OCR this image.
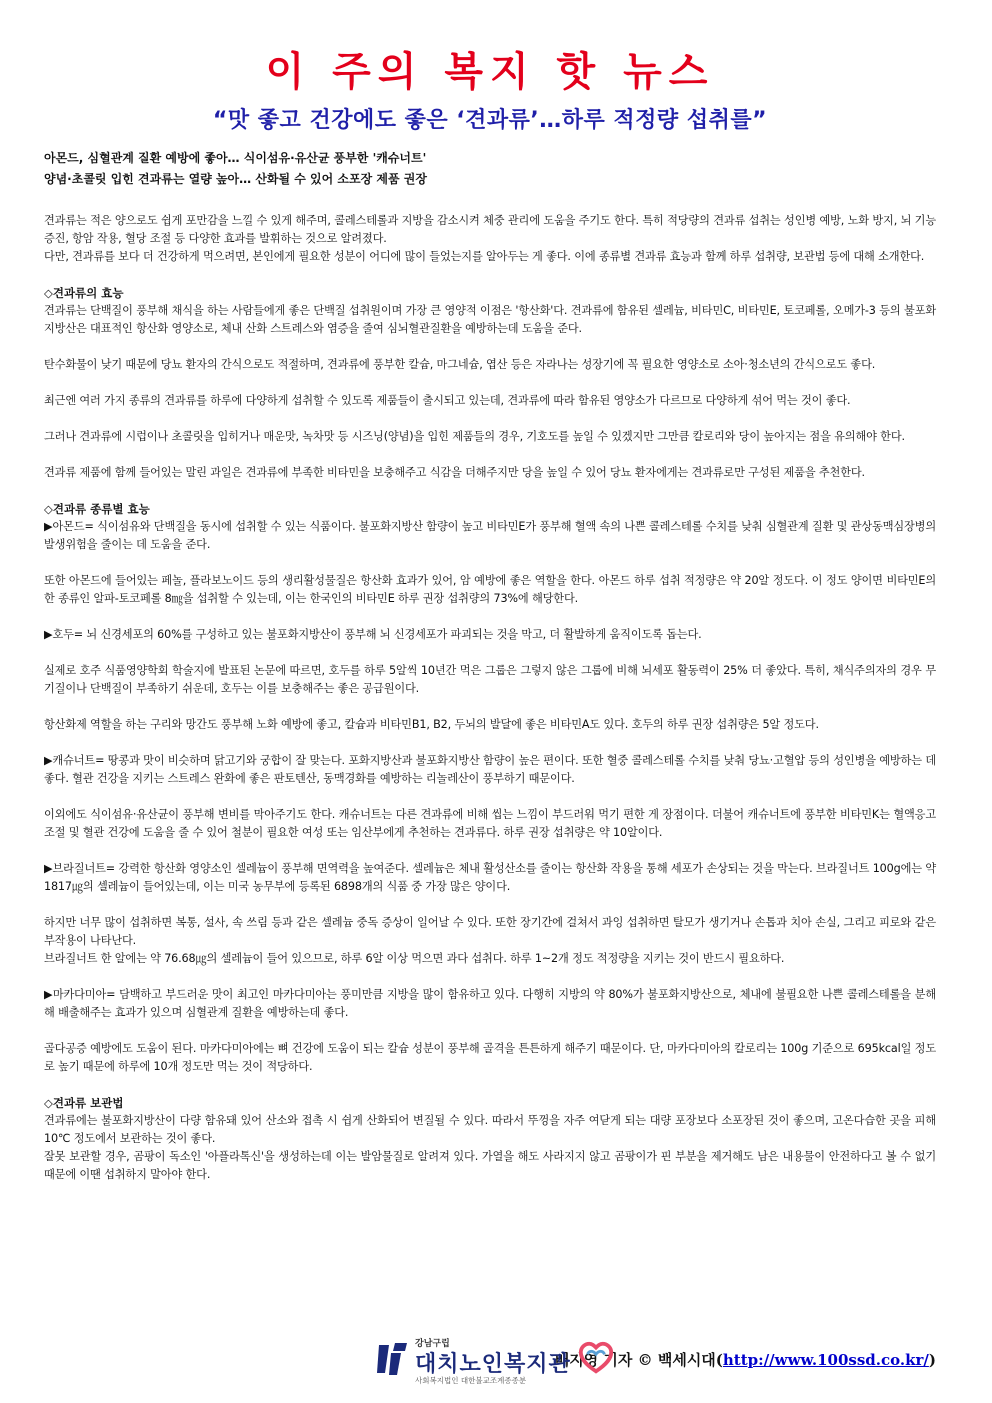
이 주의 복지 핫 뉴스
“맛 좋고 건강에도 좋은 ‘견과류’…하루 적정량 섭취를”
아몬드, 심혈관계 질환 예방에 좋아… 식이섬유·유산균 풍부한 '캐슈너트'
양념·초콜릿 입힌 견과류는 열량 높아… 산화될 수 있어 소포장 제품 권장

견과류는 적은 양으로도 쉽게 포만감을 느낄 수 있게 해주며, 콜레스테롤과 지방을 감소시켜 체중 관리에 도움을 주기도 한다. 특히 적당량의 견과류 섭취는 성인병 예방, 노화 방지, 뇌 기능 증진, 항암 작용, 혈당 조절 등 다양한 효과를 발휘하는 것으로 알려졌다.

다만, 견과류를 보다 더 건강하게 먹으려면, 본인에게 필요한 성분이 어디에 많이 들었는지를 알아두는 게 좋다. 이에 종류별 견과류 효능과 함께 하루 섭취량, 보관법 등에 대해 소개한다.

◇견과류의 효능

견과류는 단백질이 풍부해 채식을 하는 사람들에게 좋은 단백질 섭취원이며 가장 큰 영양적 이점은 '항산화'다. 견과류에 함유된 셀레늄, 비타민C, 비타민E, 토코페롤, 오메가-3 등의 불포화지방산은 대표적인 항산화 영양소로, 체내 산화 스트레스와 염증을 줄여 심뇌혈관질환을 예방하는데 도움을 준다.

탄수화물이 낮기 때문에 당뇨 환자의 간식으로도 적절하며, 견과류에 풍부한 칼슘, 마그네슘, 엽산 등은 자라나는 성장기에 꼭 필요한 영양소로 소아·청소년의 간식으로도 좋다.

최근엔 여러 가지 종류의 견과류를 하루에 다양하게 섭취할 수 있도록 제품들이 출시되고 있는데, 견과류에 따라 함유된 영양소가 다르므로 다양하게 섞어 먹는 것이 좋다.

그러나 견과류에 시럽이나 초콜릿을 입히거나 매운맛, 녹차맛 등 시즈닝(양념)을 입힌 제품들의 경우, 기호도를 높일 수 있겠지만 그만큼 칼로리와 당이 높아지는 점을 유의해야 한다.

견과류 제품에 함께 들어있는 말린 과일은 견과류에 부족한 비타민을 보충해주고 식감을 더해주지만 당을 높일 수 있어 당뇨 환자에게는 견과류로만 구성된 제품을 추천한다.

◇견과류 종류별 효능

▶아몬드= 식이섬유와 단백질을 동시에 섭취할 수 있는 식품이다. 불포화지방산 함량이 높고 비타민E가 풍부해 혈액 속의 나쁜 콜레스테롤 수치를 낮춰 심혈관계 질환 및 관상동맥심장병의 발생위험을 줄이는 데 도움을 준다.

또한 아몬드에 들어있는 페놀, 플라보노이드 등의 생리활성물질은 항산화 효과가 있어, 암 예방에 좋은 역할을 한다. 아몬드 하루 섭취 적정량은 약 20알 정도다. 이 정도 양이면 비타민E의 한 종류인 알파-토코페롤 8㎎을 섭취할 수 있는데, 이는 한국인의 비타민E 하루 권장 섭취량의 73%에 해당한다.

▶호두= 뇌 신경세포의 60%를 구성하고 있는 불포화지방산이 풍부해 뇌 신경세포가 파괴되는 것을 막고, 더 활발하게 움직이도록 돕는다.

실제로 호주 식품영양학회 학술지에 발표된 논문에 따르면, 호두를 하루 5알씩 10년간 먹은 그룹은 그렇지 않은 그룹에 비해 뇌세포 활동력이 25% 더 좋았다. 특히, 채식주의자의 경우 무기질이나 단백질이 부족하기 쉬운데, 호두는 이를 보충해주는 좋은 공급원이다.

항산화제 역할을 하는 구리와 망간도 풍부해 노화 예방에 좋고, 칼슘과 비타민B1, B2, 두뇌의 발달에 좋은 비타민A도 있다. 호두의 하루 권장 섭취량은 5알 정도다.

▶캐슈너트= 땅콩과 맛이 비슷하며 닭고기와 궁합이 잘 맞는다. 포화지방산과 불포화지방산 함량이 높은 편이다. 또한 혈중 콜레스테롤 수치를 낮춰 당뇨·고혈압 등의 성인병을 예방하는 데 좋다. 혈관 건강을 지키는 스트레스 완화에 좋은 판토텐산, 동맥경화를 예방하는 리놀레산이 풍부하기 때문이다.

이외에도 식이섬유·유산균이 풍부해 변비를 막아주기도 한다. 캐슈너트는 다른 견과류에 비해 씹는 느낌이 부드러워 먹기 편한 게 장점이다. 더불어 캐슈너트에 풍부한 비타민K는 혈액응고조절 및 혈관 건강에 도움을 줄 수 있어 철분이 필요한 여성 또는 임산부에게 추천하는 견과류다. 하루 권장 섭취량은 약 10알이다.

▶브라질너트= 강력한 항산화 영양소인 셀레늄이 풍부해 면역력을 높여준다. 셀레늄은 체내 활성산소를 줄이는 항산화 작용을 통해 세포가 손상되는 것을 막는다. 브라질너트 100g에는 약 1817㎍의 셀레늄이 들어있는데, 이는 미국 농무부에 등록된 6898개의 식품 중 가장 많은 양이다.

하지만 너무 많이 섭취하면 복통, 설사, 속 쓰림 등과 같은 셀레늄 중독 증상이 일어날 수 있다. 또한 장기간에 걸쳐서 과잉 섭취하면 탈모가 생기거나 손톱과 치아 손실, 그리고 피로와 같은 부작용이 나타난다.

브라질너트 한 알에는 약 76.68㎍의 셀레늄이 들어 있으므로, 하루 6알 이상 먹으면 과다 섭취다. 하루 1~2개 정도 적정량을 지키는 것이 반드시 필요하다.

▶마카다미아= 담백하고 부드러운 맛이 최고인 마카다미아는 풍미만큼 지방을 많이 함유하고 있다. 다행히 지방의 약 80%가 불포화지방산으로, 체내에 불필요한 나쁜 콜레스테롤을 분해해 배출해주는 효과가 있으며 심혈관계 질환을 예방하는데 좋다.

골다공증 예방에도 도움이 된다. 마카다미아에는 뼈 건강에 도움이 되는 칼슘 성분이 풍부해 골격을 튼튼하게 해주기 때문이다. 단, 마카다미아의 칼로리는 100g 기준으로 695kcal일 정도로 높기 때문에 하루에 10개 정도만 먹는 것이 적당하다.

◇견과류 보관법

견과류에는 불포화지방산이 다량 함유돼 있어 산소와 접촉 시 쉽게 산화되어 변질될 수 있다. 따라서 뚜껑을 자주 여닫게 되는 대량 포장보다 소포장된 것이 좋으며, 고온다습한 곳을 피해 10℃ 정도에서 보관하는 것이 좋다.

잘못 보관할 경우, 곰팡이 독소인 '아플라톡신'을 생성하는데 이는 발암물질로 알려져 있다. 가열을 해도 사라지지 않고 곰팡이가 핀 부분을 제거해도 남은 내용물이 안전하다고 볼 수 없기 때문에 이땐 섭취하지 말아야 한다.

배지영 기자 © 백세시대(http://www.100ssd.co.kr/)
강남구립
대치노인복지관
사회복지법인 대한불교조계종종분
